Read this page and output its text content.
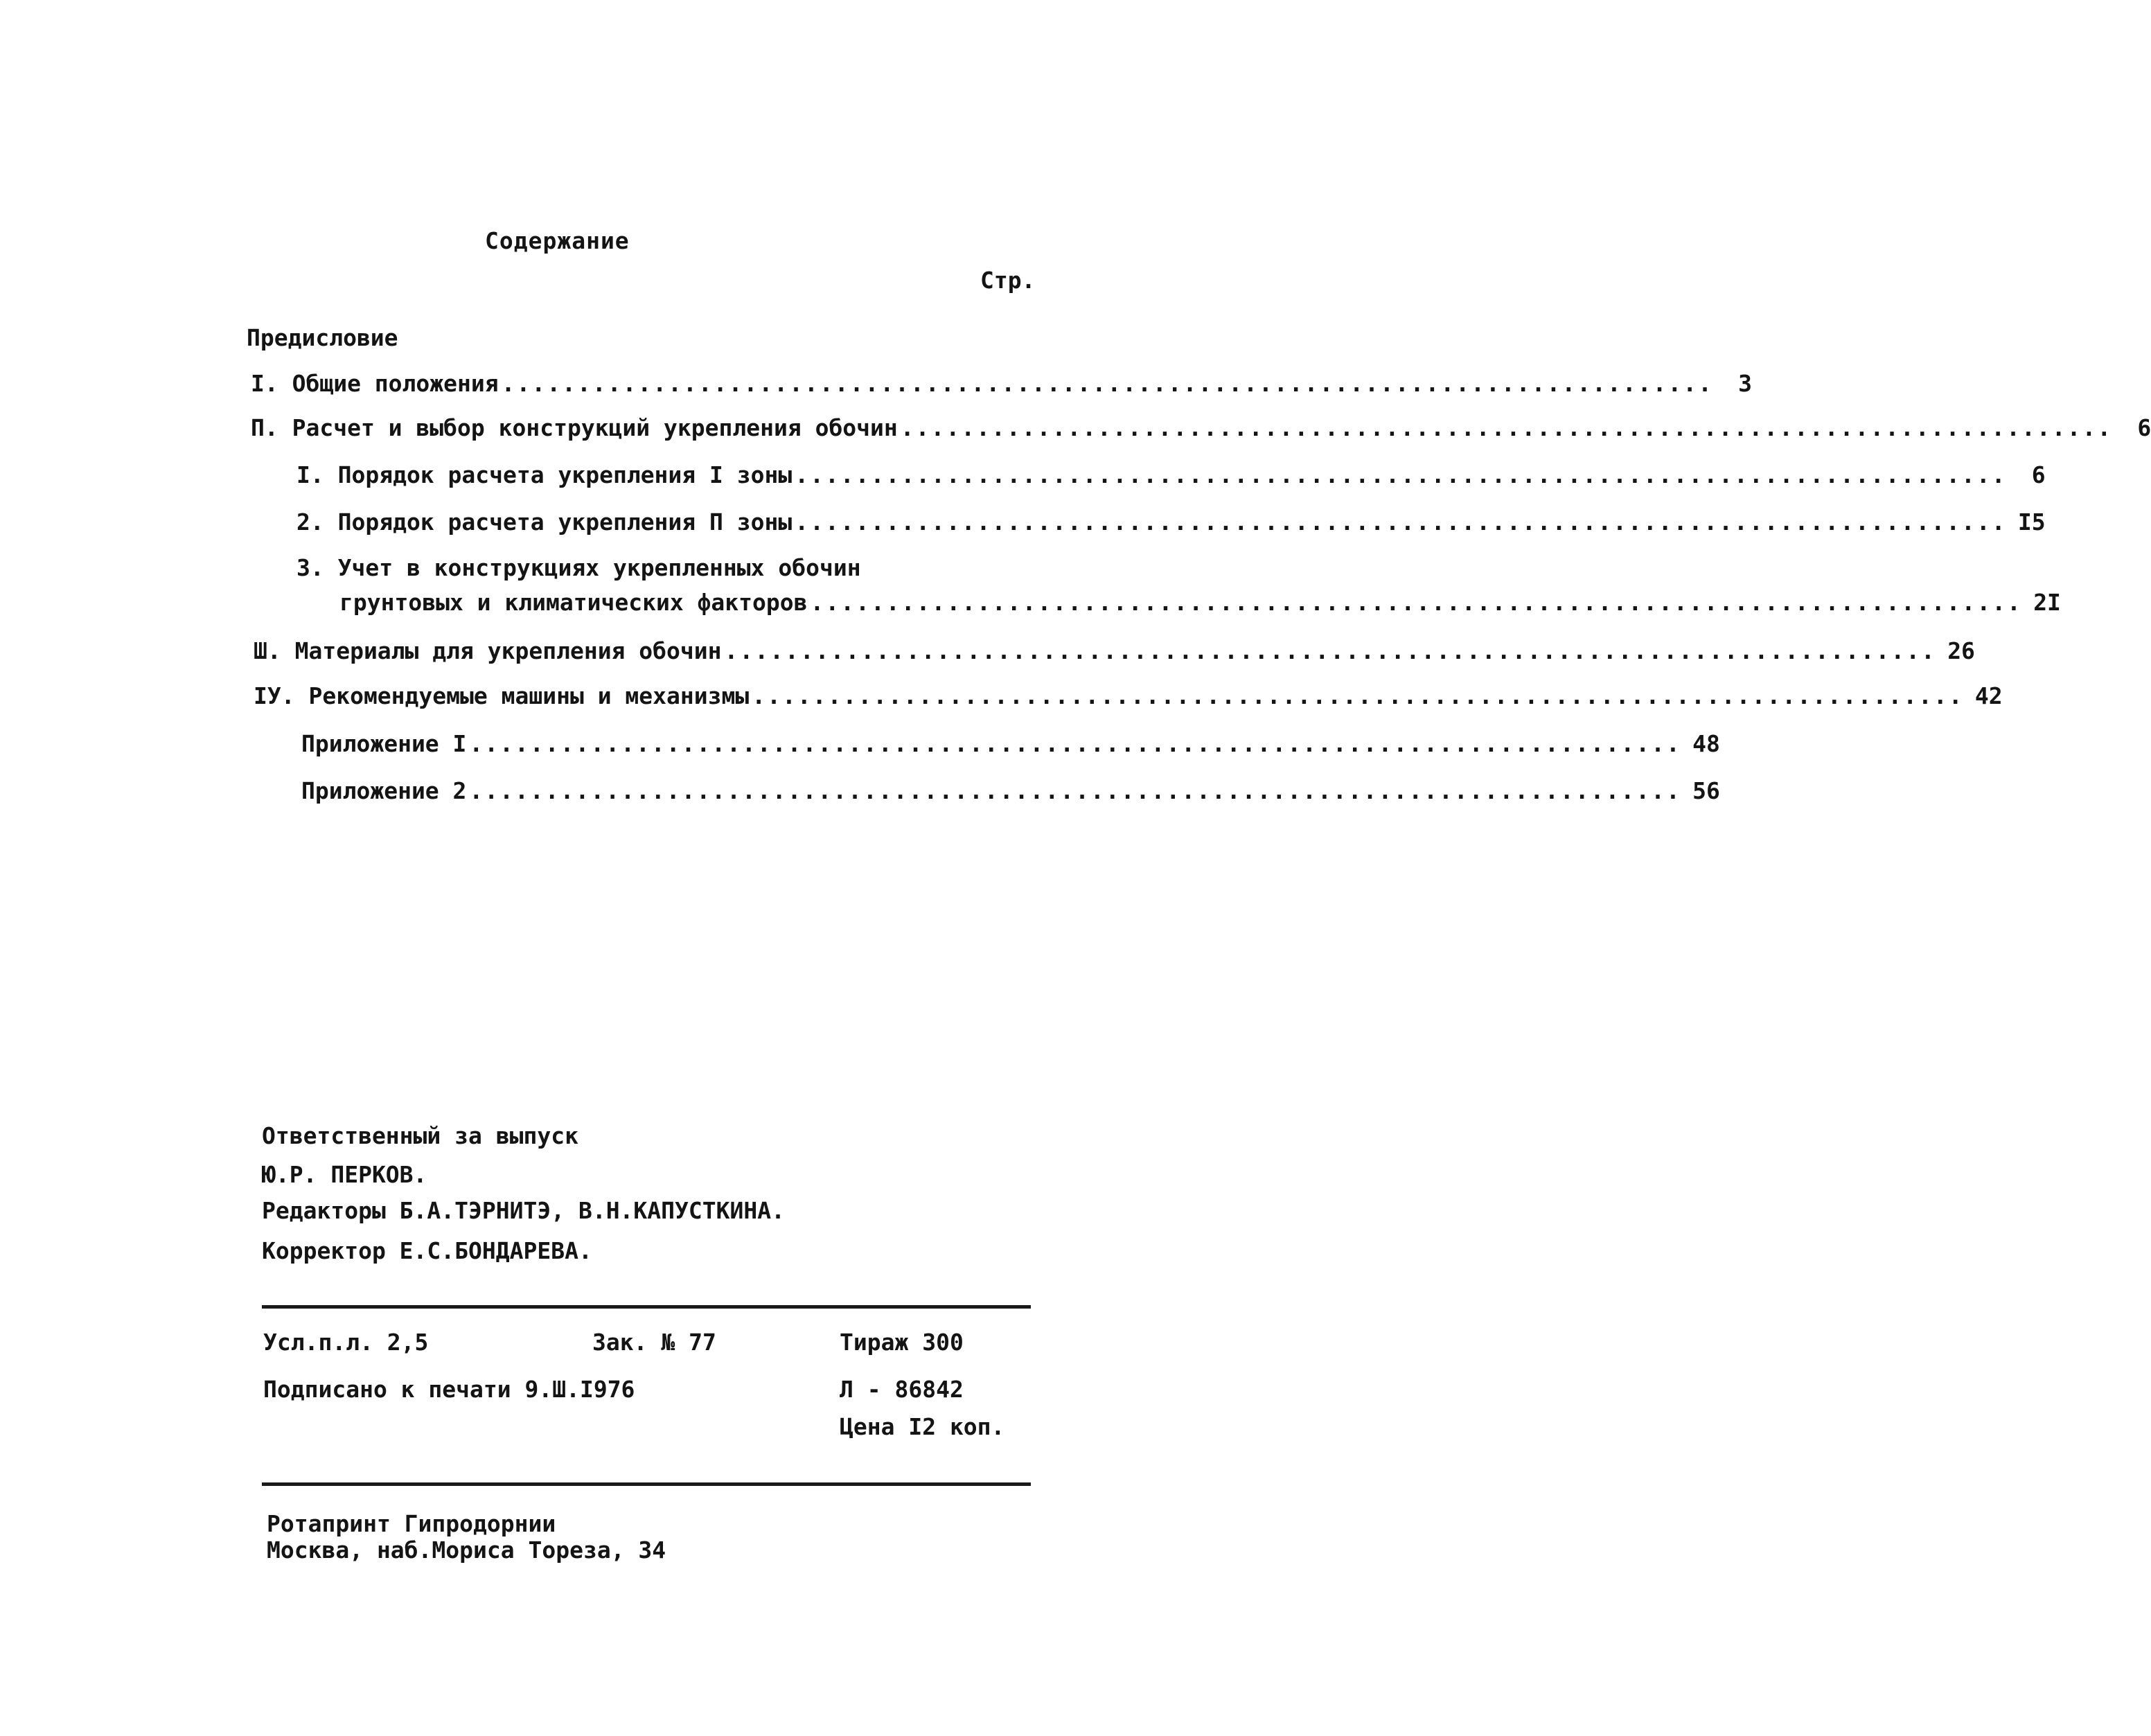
Содержание
Стр.
Предисловие
I. Общие положения ................................................................................	3
П. Расчет и выбор конструкций укрепления обочин ................................................................................	6
I. Порядок расчета укрепления I зоны ................................................................................	6
2. Порядок расчета укрепления П зоны ................................................................................ I5
3. Учет в конструкциях укрепленных обочин
грунтовых и климатических факторов ................................................................................ 2I
Ш. Материалы для укрепления обочин ................................................................................ 26
IУ. Рекомендуемые машины и механизмы ................................................................................ 42
Приложение I ................................................................................ 48
Приложение 2 ................................................................................ 56
Ответственный за выпуск
Ю.Р. ПЕРКОВ.
Редакторы Б.А.ТЭРНИТЭ, В.Н.КАПУСТКИНА.
Корректор Е.С.БОНДАРЕВА.
Усл.п.л. 2,5	Зак. № 77	Тираж 300
Подписано к печати 9.Ш.I976	Л - 86842
Цена I2 коп.
Ротапринт Гипродорнии
Москва, наб.Мориса Тореза, 34
